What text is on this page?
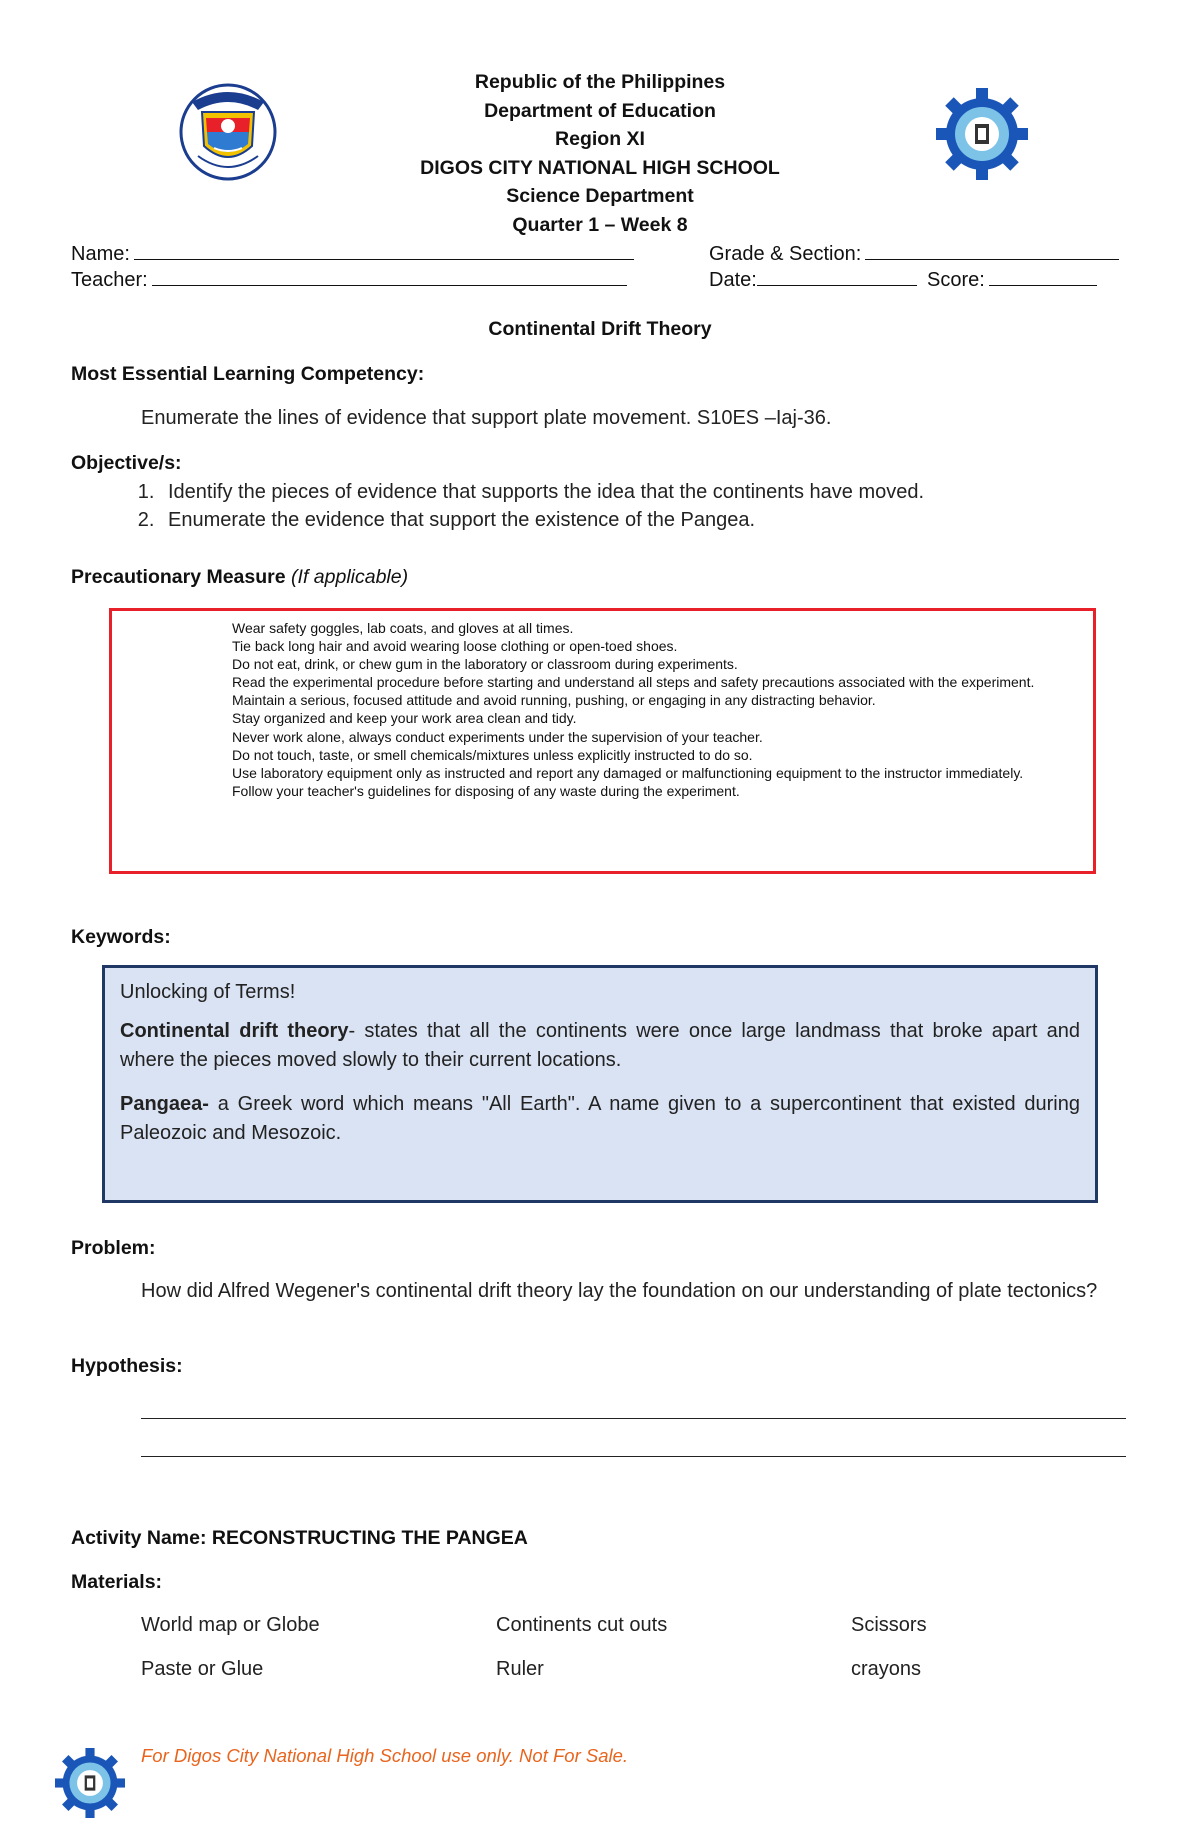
Republic of the Philippines
Department of Education
Region XI
DIGOS CITY NATIONAL HIGH SCHOOL
Science Department
Quarter 1 – Week 8
Name:	Grade & Section:
Teacher:	Date:	Score:
Continental Drift Theory
Most Essential Learning Competency:
Enumerate the lines of evidence that support plate movement. S10ES –Iaj-36.
Objective/s:
1. Identify the pieces of evidence that supports the idea that the continents have moved.
2. Enumerate the evidence that support the existence of the Pangea.
Precautionary Measure (If applicable)
Wear safety goggles, lab coats, and gloves at all times.
Tie back long hair and avoid wearing loose clothing or open-toed shoes.
Do not eat, drink, or chew gum in the laboratory or classroom during experiments.
Read the experimental procedure before starting and understand all steps and safety precautions associated with the experiment.
Maintain a serious, focused attitude and avoid running, pushing, or engaging in any distracting behavior.
Stay organized and keep your work area clean and tidy.
Never work alone, always conduct experiments under the supervision of your teacher.
Do not touch, taste, or smell chemicals/mixtures unless explicitly instructed to do so.
Use laboratory equipment only as instructed and report any damaged or malfunctioning equipment to the instructor immediately.
Follow your teacher's guidelines for disposing of any waste during the experiment.
Keywords:

Unlocking of Terms!

Continental drift theory- states that all the continents were once large landmass that broke apart and where the pieces moved slowly to their current locations.

Pangaea- a Greek word which means "All Earth". A name given to a supercontinent that existed during Paleozoic and Mesozoic.

Problem:
How did Alfred Wegener's continental drift theory lay the foundation on our understanding of plate tectonics?
Hypothesis:
Activity Name: RECONSTRUCTING THE PANGEA
Materials:
World map or Globe	Continents cut outs	Scissors
Paste or Glue	Ruler	crayons
For Digos City National High School use only. Not For Sale.
